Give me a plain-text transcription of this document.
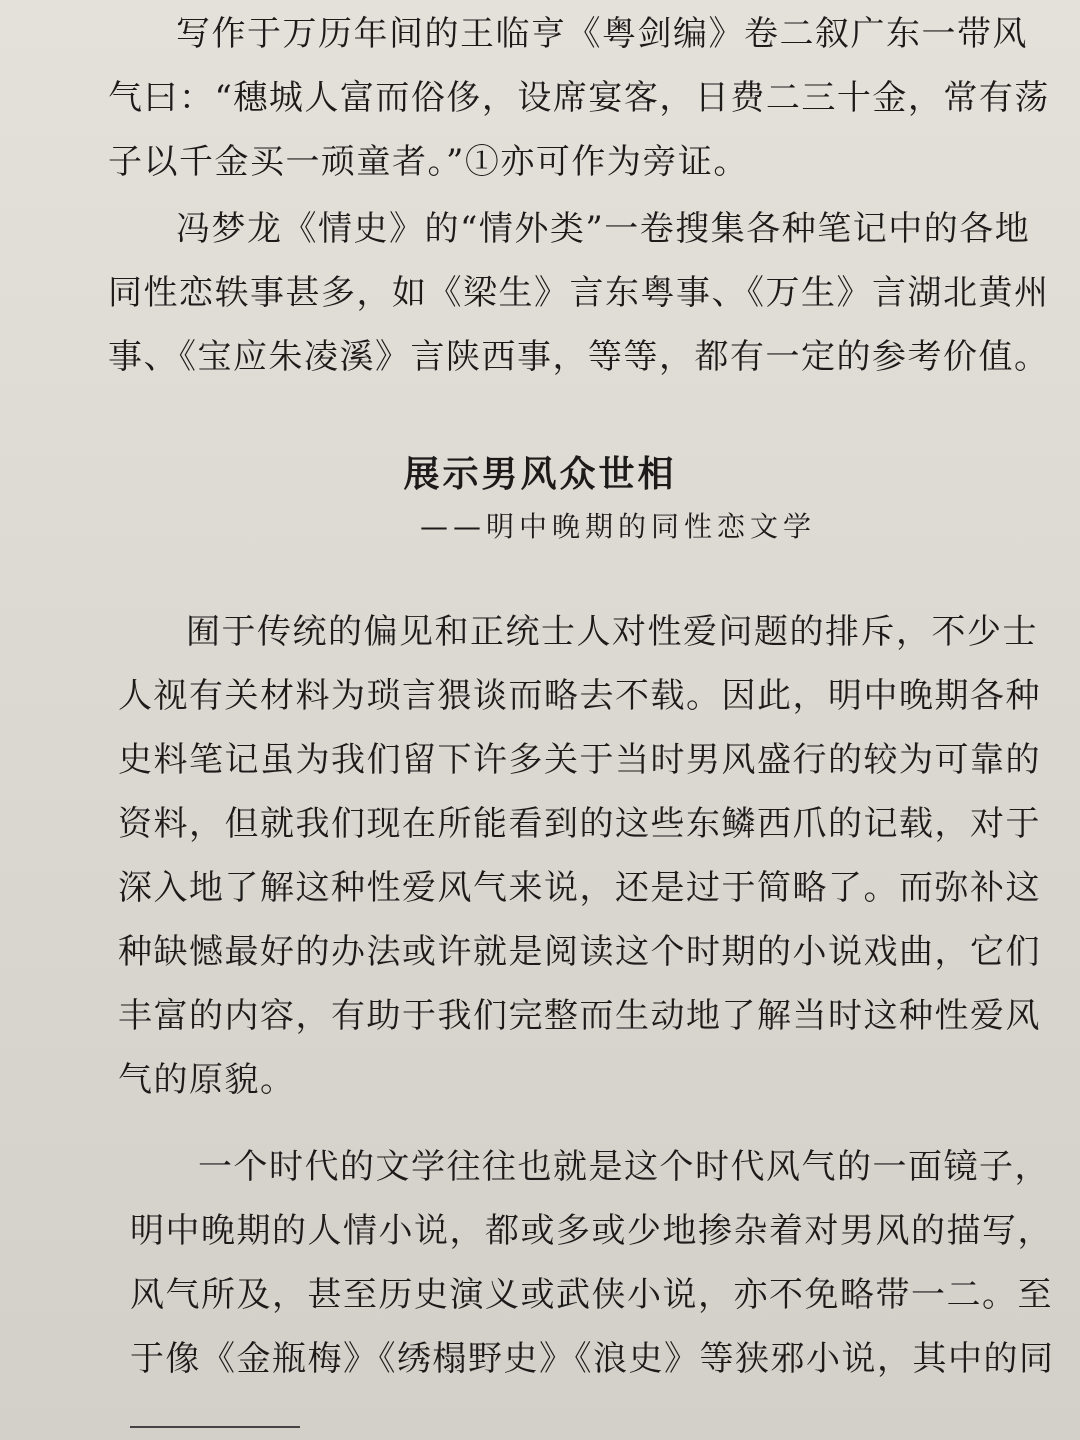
写作于万历年间的王临亨《粤剑编》卷二叙广东一带风
气曰：“穗城人富而俗侈，设席宴客，日费二三十金，常有荡
子以千金买一顽童者。”①亦可作为旁证。
冯梦龙《情史》的“情外类”一卷搜集各种笔记中的各地
同性恋轶事甚多，如《梁生》言东粤事、《万生》言湖北黄州
事、《宝应朱凌溪》言陕西事，等等，都有一定的参考价值。
展示男风众世相
——明中晚期的同性恋文学
囿于传统的偏见和正统士人对性爱问题的排斥，不少士
人视有关材料为琐言猥谈而略去不载。因此，明中晚期各种
史料笔记虽为我们留下许多关于当时男风盛行的较为可靠的
资料，但就我们现在所能看到的这些东鳞西爪的记载，对于
深入地了解这种性爱风气来说，还是过于简略了。而弥补这
种缺憾最好的办法或许就是阅读这个时期的小说戏曲，它们
丰富的内容，有助于我们完整而生动地了解当时这种性爱风
气的原貌。
一个时代的文学往往也就是这个时代风气的一面镜子，
明中晚期的人情小说，都或多或少地掺杂着对男风的描写，
风气所及，甚至历史演义或武侠小说，亦不免略带一二。至
于像《金瓶梅》《绣榻野史》《浪史》等狭邪小说，其中的同
